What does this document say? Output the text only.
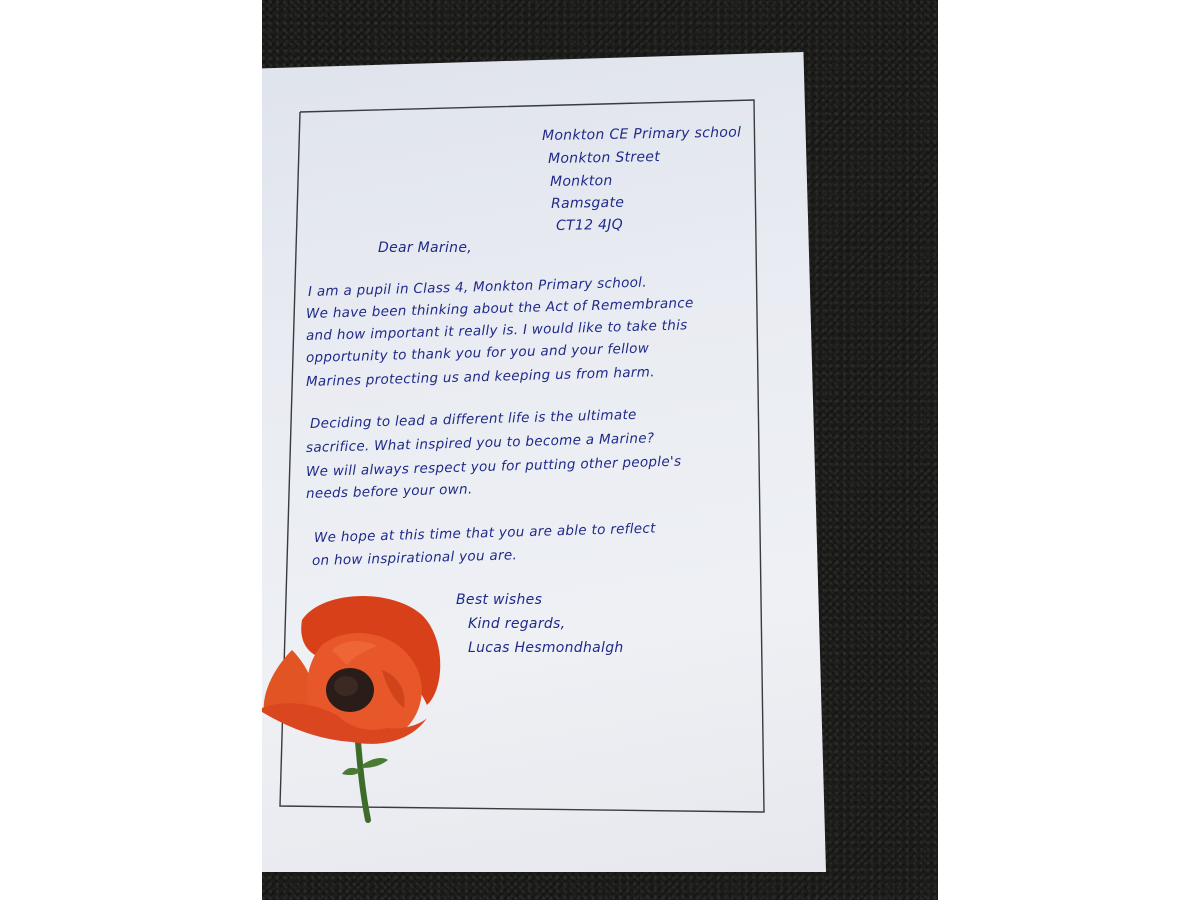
Monkton CE Primary school
Monkton Street
Monkton
Ramsgate
CT12 4JQ
Dear Marine,
I am a pupil in Class 4, Monkton Primary school.
We have been thinking about the Act of Remembrance
and how important it really is. I would like to take this
opportunity to thank you for you and your fellow
Marines protecting us and keeping us from harm.
Deciding to lead a different life is the ultimate
sacrifice. What inspired you to become a Marine?
We will always respect you for putting other people's
needs before your own.
We hope at this time that you are able to reflect
on how inspirational you are.
Best wishes
Kind regards,
Lucas Hesmondhalgh
